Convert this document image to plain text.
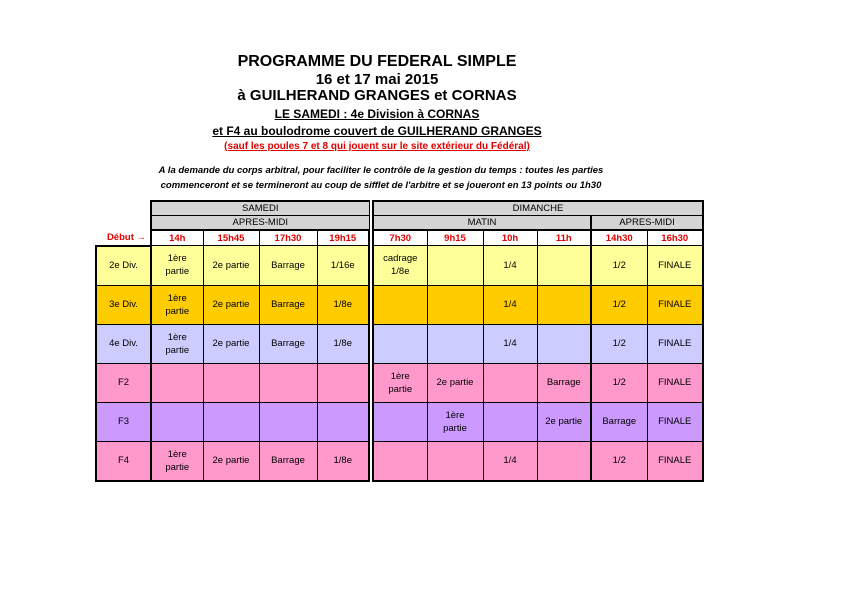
PROGRAMME DU FEDERAL SIMPLE
16 et 17 mai 2015
à GUILHERAND GRANGES et CORNAS
LE SAMEDI : 4e Division à CORNAS
et F4 au boulodrome couvert de GUILHERAND GRANGES
(sauf les poules 7 et 8 qui jouent sur le site extérieur du Fédéral)
A la demande du corps arbitral, pour faciliter le contrôle de la gestion du temps : toutes les parties
commenceront et se termineront au coup de sifflet de l'arbitre et se joueront en 13 points ou 1h30
	SAMEDI					DIMANCHE					
	APRES-MIDI					MATIN				APRES-MIDI	
Début →	14h	15h45	17h30	19h15		7h30	9h15	10h	11h	14h30	16h30
2e Div.	1ère
partie	2e partie	Barrage	1/16e		cadrage
1/8e		1/4		1/2	FINALE
3e Div.	1ère
partie	2e partie	Barrage	1/8e				1/4		1/2	FINALE
4e Div.	1ère
partie	2e partie	Barrage	1/8e				1/4		1/2	FINALE
F2						1ère
partie	2e partie		Barrage	1/2	FINALE
F3							1ère
partie		2e partie	Barrage	FINALE
F4	1ère
partie	2e partie	Barrage	1/8e				1/4		1/2	FINALE
